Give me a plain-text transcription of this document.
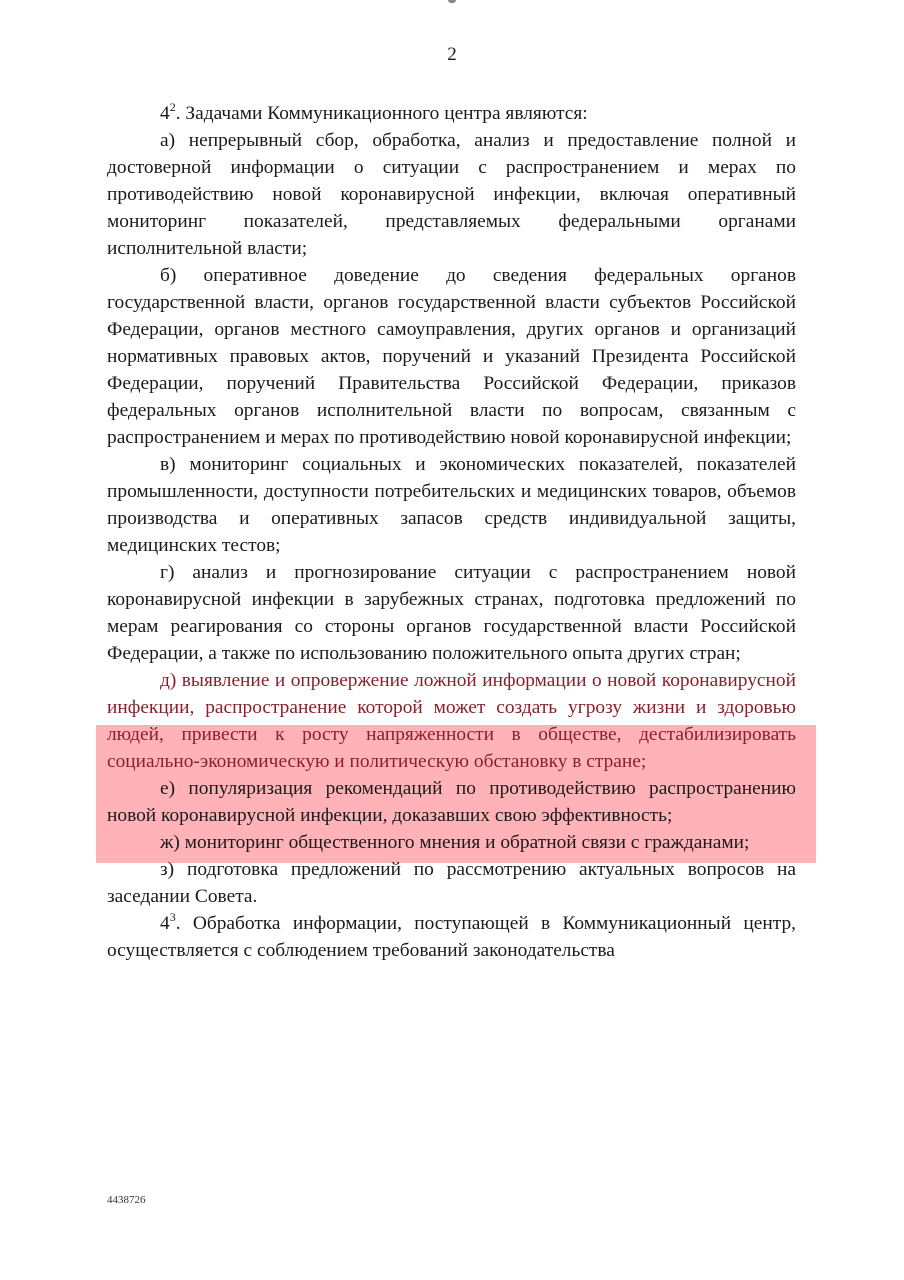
2

$4^2$. Задачами Коммуникационного центра являются:

а) непрерывный сбор, обработка, анализ и предоставление полной и достоверной информации о ситуации с распространением и мерах по противодействию новой коронавирусной инфекции, включая оперативный мониторинг показателей, представляемых федеральными органами исполнительной власти;

б) оперативное доведение до сведения федеральных органов государственной власти, органов государственной власти субъектов Российской Федерации, органов местного самоуправления, других органов и организаций нормативных правовых актов, поручений и указаний Президента Российской Федерации, поручений Правительства Российской Федерации, приказов федеральных органов исполнительной власти по вопросам, связанным с распространением и мерах по противодействию новой коронавирусной инфекции;

в) мониторинг социальных и экономических показателей, показателей промышленности, доступности потребительских и медицинских товаров, объемов производства и оперативных запасов средств индивидуальной защиты, медицинских тестов;

г) анализ и прогнозирование ситуации с распространением новой коронавирусной инфекции в зарубежных странах, подготовка предложений по мерам реагирования со стороны органов государственной власти Российской Федерации, а также по использованию положительного опыта других стран;

д) выявление и опровержение ложной информации о новой коронавирусной инфекции, распространение которой может создать угрозу жизни и здоровью людей, привести к росту напряженности в обществе, дестабилизировать социально-экономическую и политическую обстановку в стране;

е) популяризация рекомендаций по противодействию распространению новой коронавирусной инфекции, доказавших свою эффективность;

ж) мониторинг общественного мнения и обратной связи с гражданами;

з) подготовка предложений по рассмотрению актуальных вопросов на заседании Совета.

$4^3$. Обработка информации, поступающей в Коммуникационный центр, осуществляется с соблюдением требований законодательства

4438726
